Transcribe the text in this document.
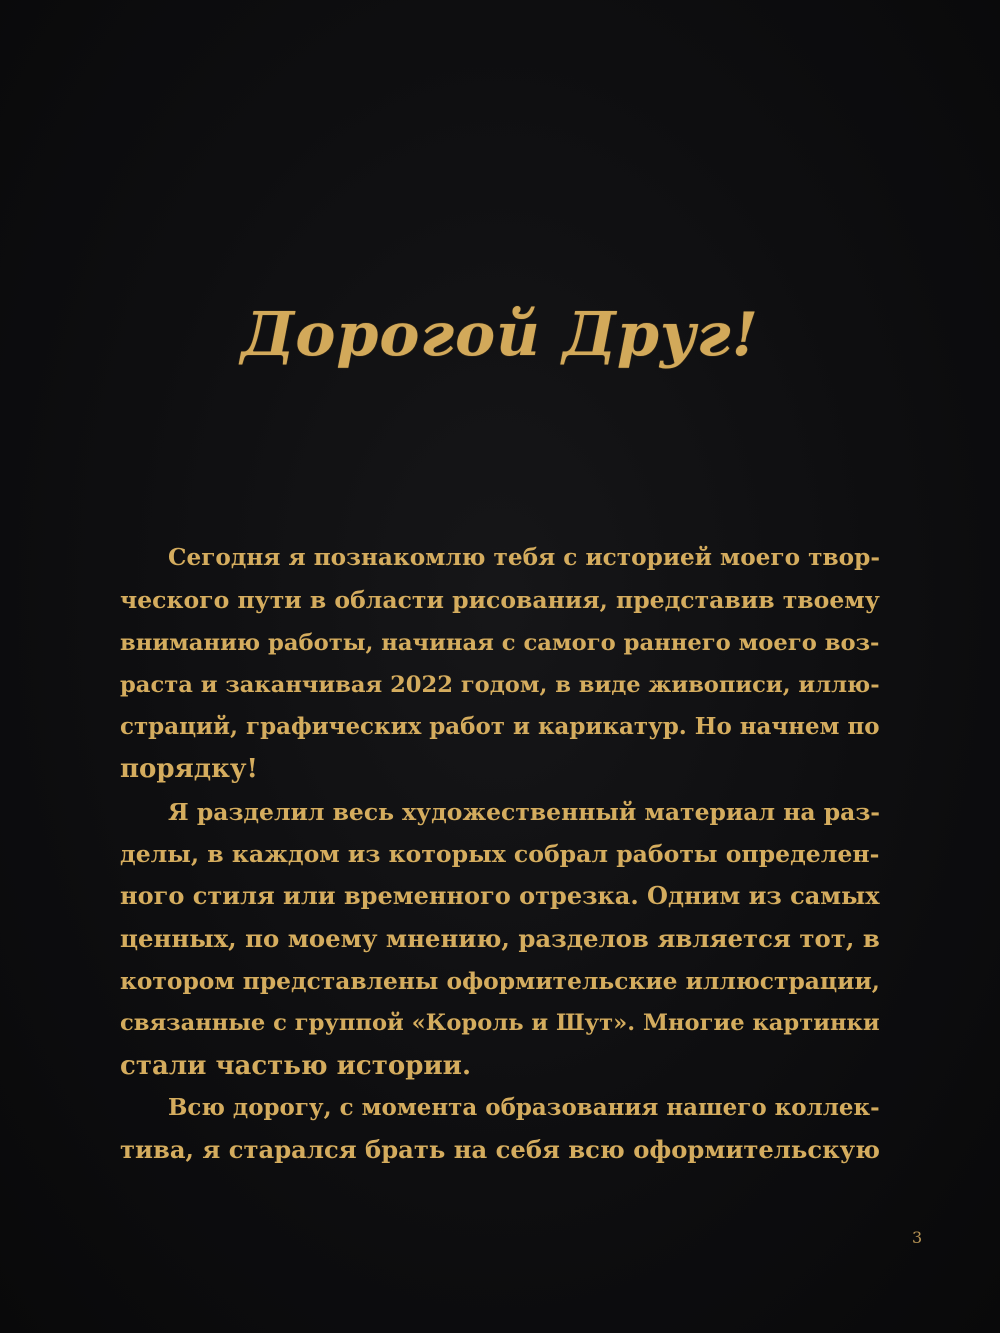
Дорогой Друг!
Сегодня я познакомлю тебя с историей моего твор-
ческого пути в области рисования, представив твоему
вниманию работы, начиная с самого раннего моего воз-
раста и заканчивая 2022 годом, в виде живописи, иллю-
страций, графических работ и карикатур. Но начнем по
порядку!
Я разделил весь художественный материал на раз-
делы, в каждом из которых собрал работы определен-
ного стиля или временного отрезка. Одним из самых
ценных, по моему мнению, разделов является тот, в
котором представлены оформительские иллюстрации,
связанные с группой «Король и Шут». Многие картинки
стали частью истории.
Всю дорогу, с момента образования нашего коллек-
тива, я старался брать на себя всю оформительскую
3
